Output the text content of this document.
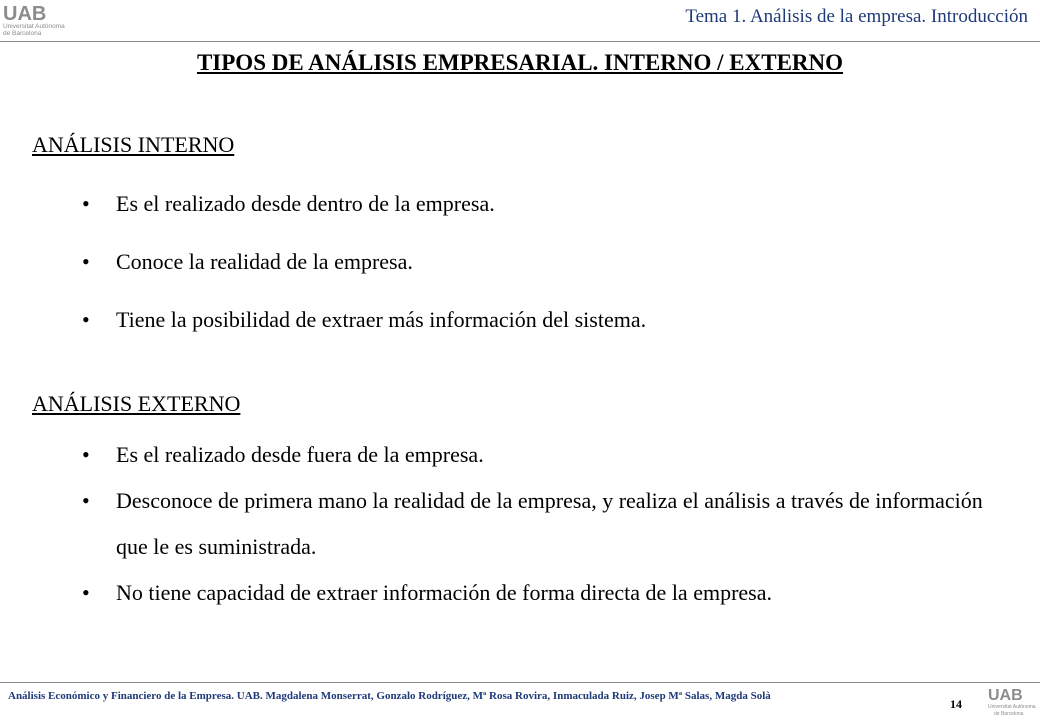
UAB
Universitat Autònoma
de Barcelona
Tema 1. Análisis de la empresa. Introducción
TIPOS DE ANÁLISIS EMPRESARIAL. INTERNO / EXTERNO
ANÁLISIS INTERNO
• Es el realizado desde dentro de la empresa.
• Conoce la realidad de la empresa.
• Tiene la posibilidad de extraer más información del sistema.
ANÁLISIS EXTERNO
• Es el realizado desde fuera de la empresa.
• Desconoce de primera mano la realidad de la empresa, y realiza el análisis a través de información que le es suministrada.
• No tiene capacidad de extraer información de forma directa de la empresa.
Análisis Económico y Financiero de la Empresa. UAB. Magdalena Monserrat, Gonzalo Rodríguez, Mª Rosa Rovira, Inmaculada Ruiz, Josep Mª Salas, Magda Solà
14 UAB
Universitat Autònoma
de Barcelona
